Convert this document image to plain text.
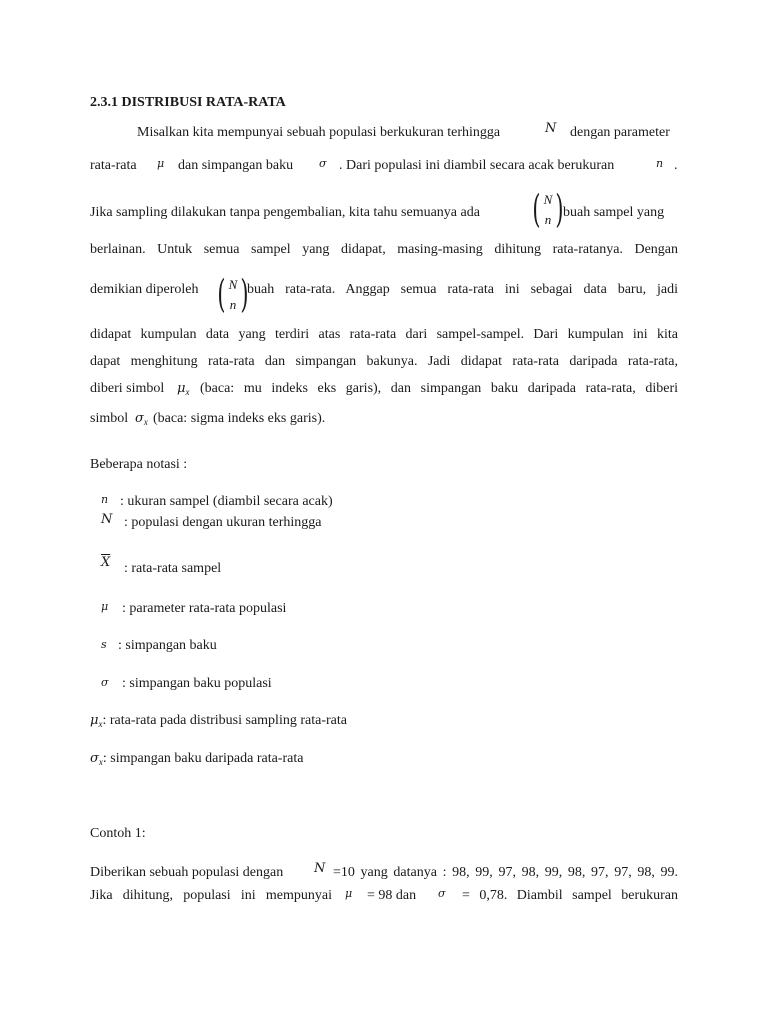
2.3.1 DISTRIBUSI RATA-RATA
Misalkan kita mempunyai sebuah populasi berkukuran terhingga	N dengan parameter
rata-rata μ dan simpangan baku σ . Dari populasi ini diambil secara acak berukuran	n .
Jika sampling dilakukan tanpa pengembalian, kita tahu semuanya ada ( N
n ) buah sampel yang
berlainan. Untuk semua sampel yang didapat, masing-masing dihitung rata-ratanya. Dengan
demikian diperoleh ( N
n )
buah rata-rata. Anggap semua rata-rata ini sebagai data baru, jadi
didapat kumpulan data yang terdiri atas rata-rata dari sampel-sampel. Dari kumpulan ini kita
dapat menghitung rata-rata dan simpangan bakunya. Jadi didapat rata-rata daripada rata-rata,
diberi simbol $\mu_x$ (baca: mu indeks eks garis), dan simpangan baku daripada rata-rata, diberi
simbol $\sigma_x$ (baca: sigma indeks eks garis).
Beberapa notasi :
n : ukuran sampel (diambil secara acak)
N : populasi dengan ukuran terhingga
$\overline{X}$ : rata-rata sampel
μ : parameter rata-rata populasi
s : simpangan baku
σ : simpangan baku populasi
$\mu_x$: rata-rata pada distribusi sampling rata-rata
$\sigma_x$: simpangan baku daripada rata-rata
Contoh 1:
Diberikan sebuah populasi dengan N =10 yang datanya : 98, 99, 97, 98, 99, 98, 97, 97, 98, 99.
Jika dihitung, populasi ini mempunyai μ = 98 dan σ = 0,78. Diambil sampel berukuran
